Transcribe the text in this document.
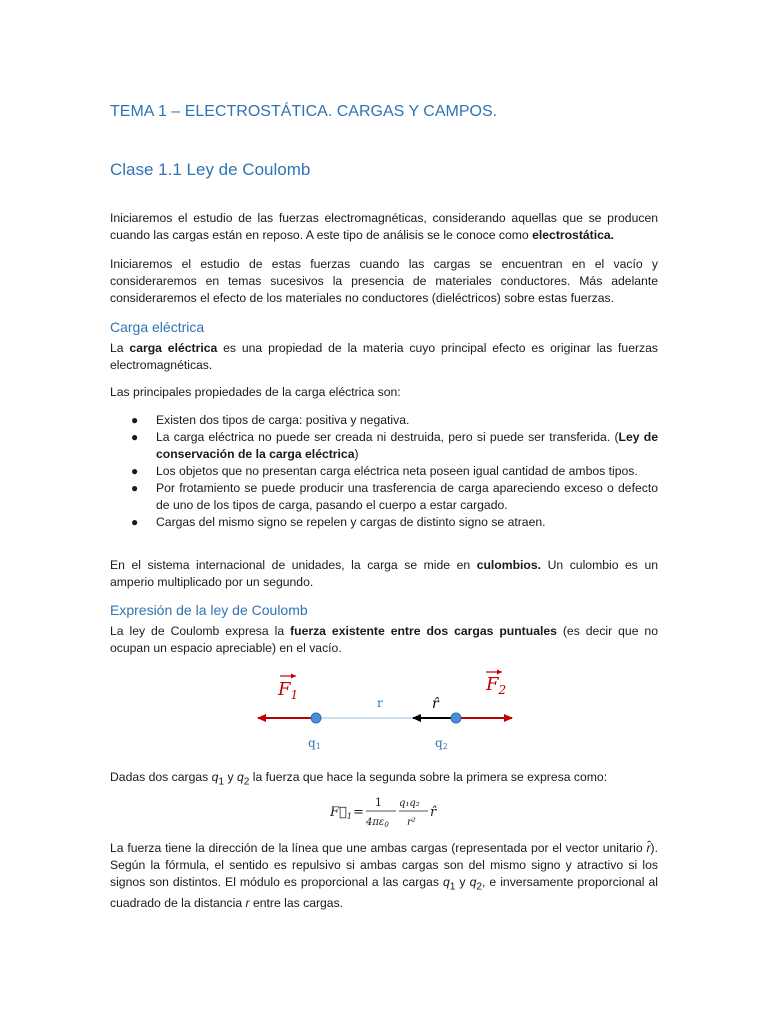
TEMA 1 – ELECTROSTÁTICA. CARGAS Y CAMPOS.
Clase 1.1 Ley de Coulomb
Iniciaremos el estudio de las fuerzas electromagnéticas, considerando aquellas que se producen cuando las cargas están en reposo. A este tipo de análisis se le conoce como electrostática.
Iniciaremos el estudio de estas fuerzas cuando las cargas se encuentran en el vacío y consideraremos en temas sucesivos la presencia de materiales conductores. Más adelante consideraremos el efecto de los materiales no conductores (dieléctricos) sobre estas fuerzas.
Carga eléctrica
La carga eléctrica es una propiedad de la materia cuyo principal efecto es originar las fuerzas electromagnéticas.
Las principales propiedades de la carga eléctrica son:
● Existen dos tipos de carga: positiva y negativa.
● La carga eléctrica no puede ser creada ni destruida, pero si puede ser transferida. (Ley de conservación de la carga eléctrica)
● Los objetos que no presentan carga eléctrica neta poseen igual cantidad de ambos tipos.
● Por frotamiento se puede producir una trasferencia de carga apareciendo exceso o defecto de uno de los tipos de carga, pasando el cuerpo a estar cargado.
● Cargas del mismo signo se repelen y cargas de distinto signo se atraen.
En el sistema internacional de unidades, la carga se mide en culombios. Un culombio es un amperio multiplicado por un segundo.
Expresión de la ley de Coulomb
La ley de Coulomb expresa la fuerza existente entre dos cargas puntuales (es decir que no ocupan un espacio apreciable) en el vacío.
$F_1$	$F_2$
r	r̂
q1	q2
Dadas dos cargas $q_1$ y $q_2$ la fuerza que hace la segunda sobre la primera se expresa como:
$F⃗_1$ =
1
$4\pi\varepsilon_0$
q₁q₂
r²
r̂
La fuerza tiene la dirección de la línea que une ambas cargas (representada por el vector unitario r̂). Según la fórmula, el sentido es repulsivo si ambas cargas son del mismo signo y atractivo si los signos son distintos. El módulo es proporcional a las cargas $q_1$ y $q_2$, e inversamente proporcional al cuadrado de la distancia r entre las cargas.
